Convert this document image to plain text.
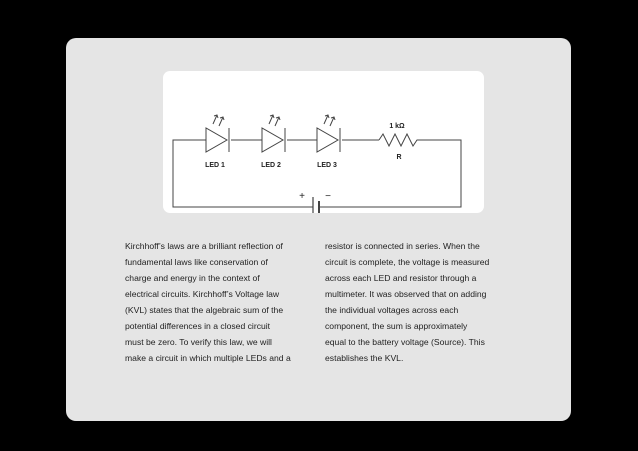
LED 1	LED 2	LED 3
1 kΩ
R
+ −
Kirchhoff’s laws are a brilliant reflection of
fundamental laws like conservation of
charge and energy in the context of
electrical circuits. Kirchhoff’s Voltage law
(KVL) states that the algebraic sum of the
potential differences in a closed circuit
must be zero. To verify this law, we will
make a circuit in which multiple LEDs and a
resistor is connected in series. When the
circuit is complete, the voltage is measured
across each LED and resistor through a
multimeter. It was observed that on adding
the individual voltages across each
component, the sum is approximately
equal to the battery voltage (Source). This
establishes the KVL.
